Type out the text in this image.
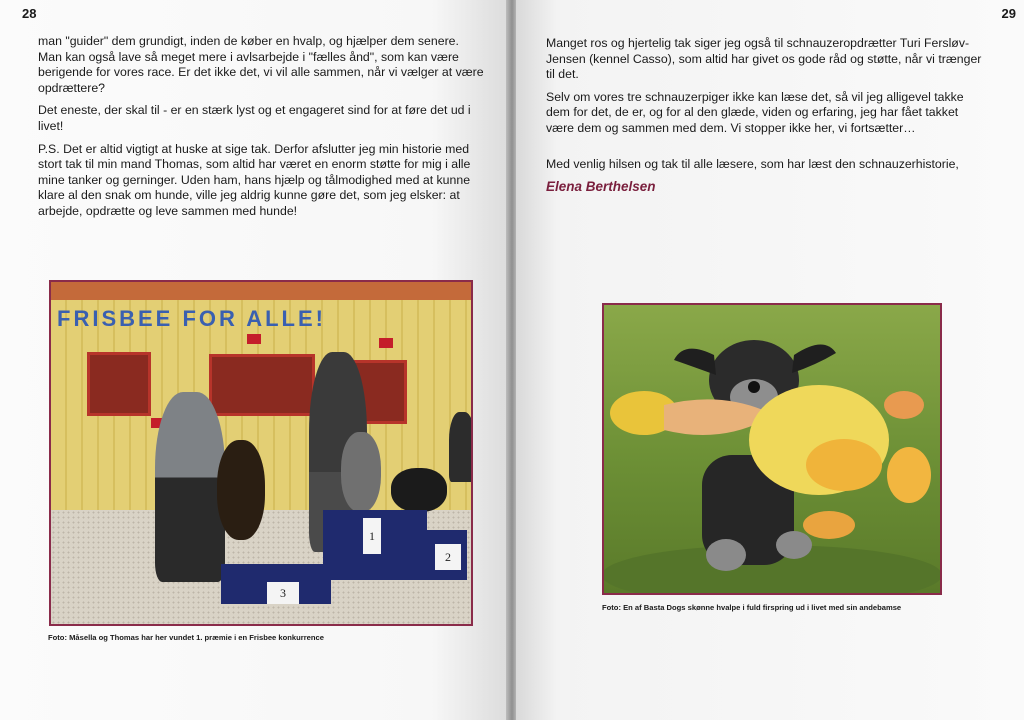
28

man "guider" dem grundigt, inden de køber en hvalp, og hjælper dem senere. Man kan også lave så meget mere i avlsarbejde i "fælles ånd", som kan være berigende for vores race. Er det ikke det, vi vil alle sammen, når vi vælger at være opdrættere?

Det eneste, der skal til - er en stærk lyst og et engageret sind for at føre det ud i livet!

P.S. Det er altid vigtigt at huske at sige tak. Derfor afslutter jeg min historie med stort tak til min mand Thomas, som altid har været en enorm støtte for mig i alle mine tanker og gerninger. Uden ham, hans hjælp og tålmodighed med at kunne klare al den snak om hunde, ville jeg aldrig kunne gøre det, som jeg elsker: at arbejde, opdrætte og leve sammen med hunde!

FRISBEE FOR ALLE!
1
2
3
Foto: Måsella og Thomas har her vundet 1. præmie i en Frisbee konkurrence
29

Manget ros og hjertelig tak siger jeg også til schnauzeropdrætter Turi Fersløv-Jensen (kennel Casso), som altid har givet os gode råd og støtte, når vi trænger til det.

Selv om vores tre schnauzerpiger ikke kan læse det, så vil jeg alligevel takke dem for det, de er, og for al den glæde, viden og erfaring, jeg har fået takket være dem og sammen med dem. Vi stopper ikke her, vi fortsætter…

Med venlig hilsen og tak til alle læsere, som har læst den schnauzerhistorie,

Elena Berthelsen
Foto: En af Basta Dogs skønne hvalpe i fuld firspring ud i livet med sin andebamse
